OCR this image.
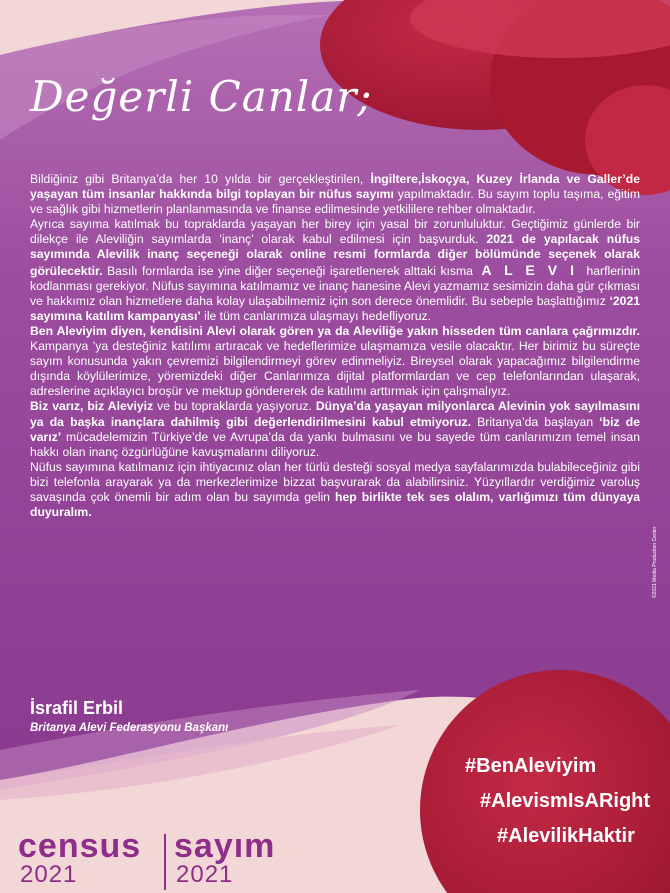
Değerli Canlar;

Bildiğiniz gibi Britanya’da her 10 yılda bir gerçekleştirilen, İngiltere,İskoçya, Kuzey İrlanda ve Galler’de yaşayan tüm insanlar hakkında bilgi toplayan bir nüfus sayımı yapılmaktadır. Bu sayım toplu taşıma, eğitim ve sağlık gibi hizmetlerin planlanmasında ve finanse edilmesinde yetkililere rehber olmaktadır.

Ayrıca sayıma katılmak bu topraklarda yaşayan her birey için yasal bir zorunluluktur. Geçtiğimiz günlerde bir dilekçe ile Aleviliğin sayımlarda ‘inanç’ olarak kabul edilmesi için başvurduk. 2021 de yapılacak nüfus sayımında Alevilik inanç seçeneği olarak online resmi formlarda diğer bölümünde seçenek olarak görülecektir. Basılı formlarda ise yine diğer seçeneği işaretlenerek alttaki kısma A L E V I harflerinin kodlanması gerekiyor. Nüfus sayımına katılmamız ve inanç hanesine Alevi yazmamız sesimizin daha gür çıkması ve hakkımız olan hizmetlere daha kolay ulaşabilmemiz için son derece önemlidir. Bu sebeple başlattığımız ‘2021 sayımına katılım kampanyası’ ile tüm canlarımıza ulaşmayı hedefliyoruz.

Ben Aleviyim diyen, kendisini Alevi olarak gören ya da Aleviliğe yakın hisseden tüm canlara çağrımızdır. Kampanya ’ya desteğiniz katılımı artıracak ve hedeflerimize ulaşmamıza vesile olacaktır. Her birimiz bu süreçte sayım konusunda yakın çevremizi bilgilendirmeyi görev edinmeliyiz. Bireysel olarak yapacağımız bilgilendirme dışında köylülerimize, yöremizdeki diğer Canlarımıza dijital platformlardan ve cep telefonlarından ulaşarak, adreslerine açıklayıcı broşür ve mektup göndererek de katılımı arttırmak için çalışmalıyız.

Biz varız, biz Aleviyiz ve bu topraklarda yaşıyoruz. Dünya’da yaşayan milyonlarca Alevinin yok sayılmasını ya da başka inançlara dahilmiş gibi değerlendirilmesini kabul etmiyoruz. Britanya’da başlayan ‘biz de varız’ mücadelemizin Türkiye’de ve Avrupa’da da yankı bulmasını ve bu sayede tüm canlarımızın temel insan hakkı olan inanç özgürlüğüne kavuşmalarını diliyoruz.

Nüfus sayımına katılmanız için ihtiyacınız olan her türlü desteği sosyal medya sayfalarımızda bulabileceğiniz gibi bizi telefonla arayarak ya da merkezlerimize bizzat başvurarak da alabilirsiniz. Yüzyıllardır verdiğimiz varoluş savaşında çok önemli bir adım olan bu sayımda gelin hep birlikte tek ses olalım, varlığımızı tüm dünyaya duyuralım.

©2021 Media Production Center
İsrafil Erbil
Britanya Alevi Federasyonu Başkanı
#BenAleviyim
#AlevismIsARight
#AlevilikHaktir
census sayım
2021	2021
